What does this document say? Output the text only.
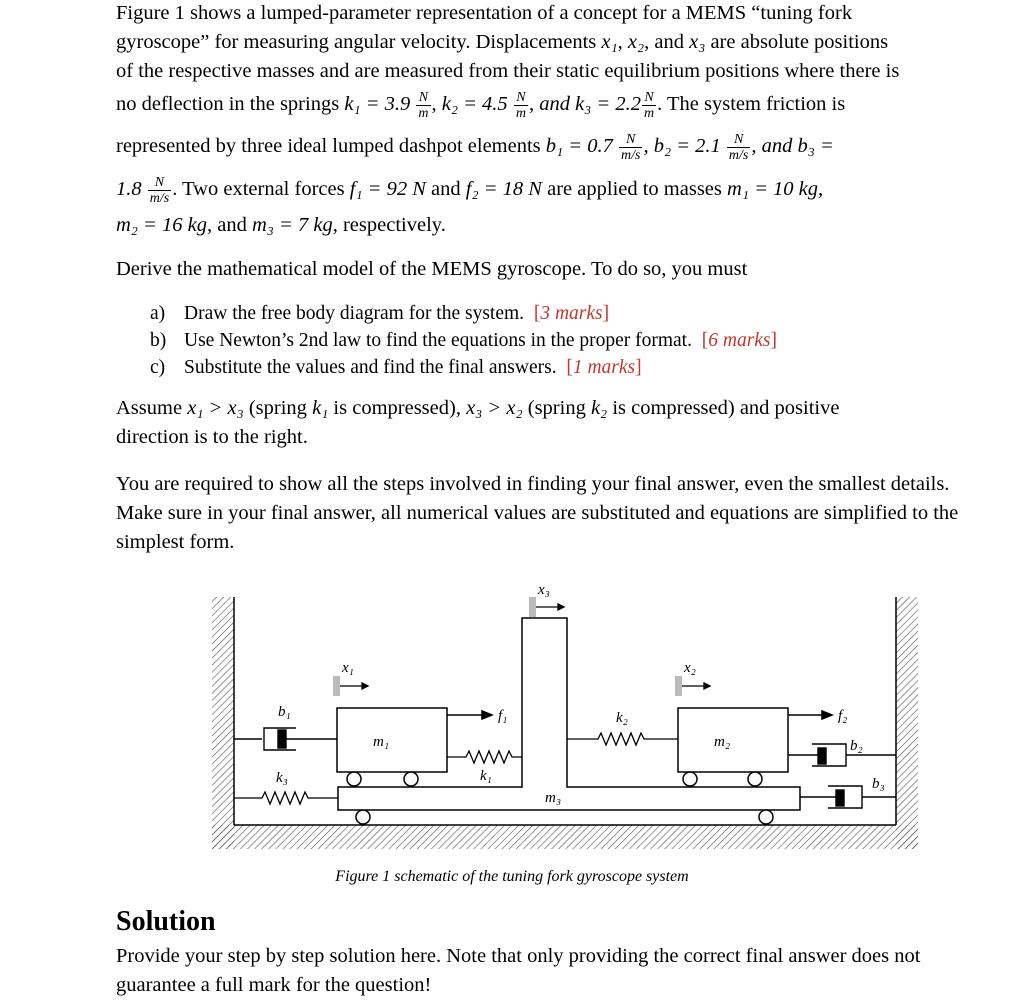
Figure 1 shows a lumped-parameter representation of a concept for a MEMS “tuning fork
gyroscope” for measuring angular velocity. Displacements x₁, x₂, and x₃ are absolute positions
of the respective masses and are measured from their static equilibrium positions where there is
no deflection in the springs $k_1 = 3.9 \frac{N}{m}$ , $k_2 = 4.5 \frac{N}{m}$ , and $k_3 = 2.2 \frac{N}{m}$ . The system friction is
represented by three ideal lumped dashpot elements $b_1 = 0.7 \frac{N}{m/s}$ , $b_2 = 2.1 \frac{N}{m/s}$ , and b₃ =
$1.8 \frac{N}{m/s}$ . Two external forces f₁ = 92 N and f₂ = 18 N are applied to masses m₁ = 10 kg,
m₂ = 16 kg, and m₃ = 7 kg, respectively.
Derive the mathematical model of the MEMS gyroscope. To do so, you must
a) Draw the free body diagram for the system. [3 marks]
b) Use Newton’s 2nd law to find the equations in the proper format. [6 marks]
c) Substitute the values and find the final answers. [1 marks]
Assume x₁ > x₃ (spring k₁ is compressed), x₃ > x₂ (spring k₂ is compressed) and positive
direction is to the right.
You are required to show all the steps involved in finding your final answer, even the smallest details. Make sure in your final answer, all numerical values are substituted and equations are simplified to the simplest form.
x₁	x₂
x₃
b₁
b₂
b₃
k₁
k₂
k₃
m₁	m₂
m₃
f₁	f₂
Figure 1 schematic of the tuning fork gyroscope system
Solution
Provide your step by step solution here. Note that only providing the correct final answer does not guarantee a full mark for the question!
